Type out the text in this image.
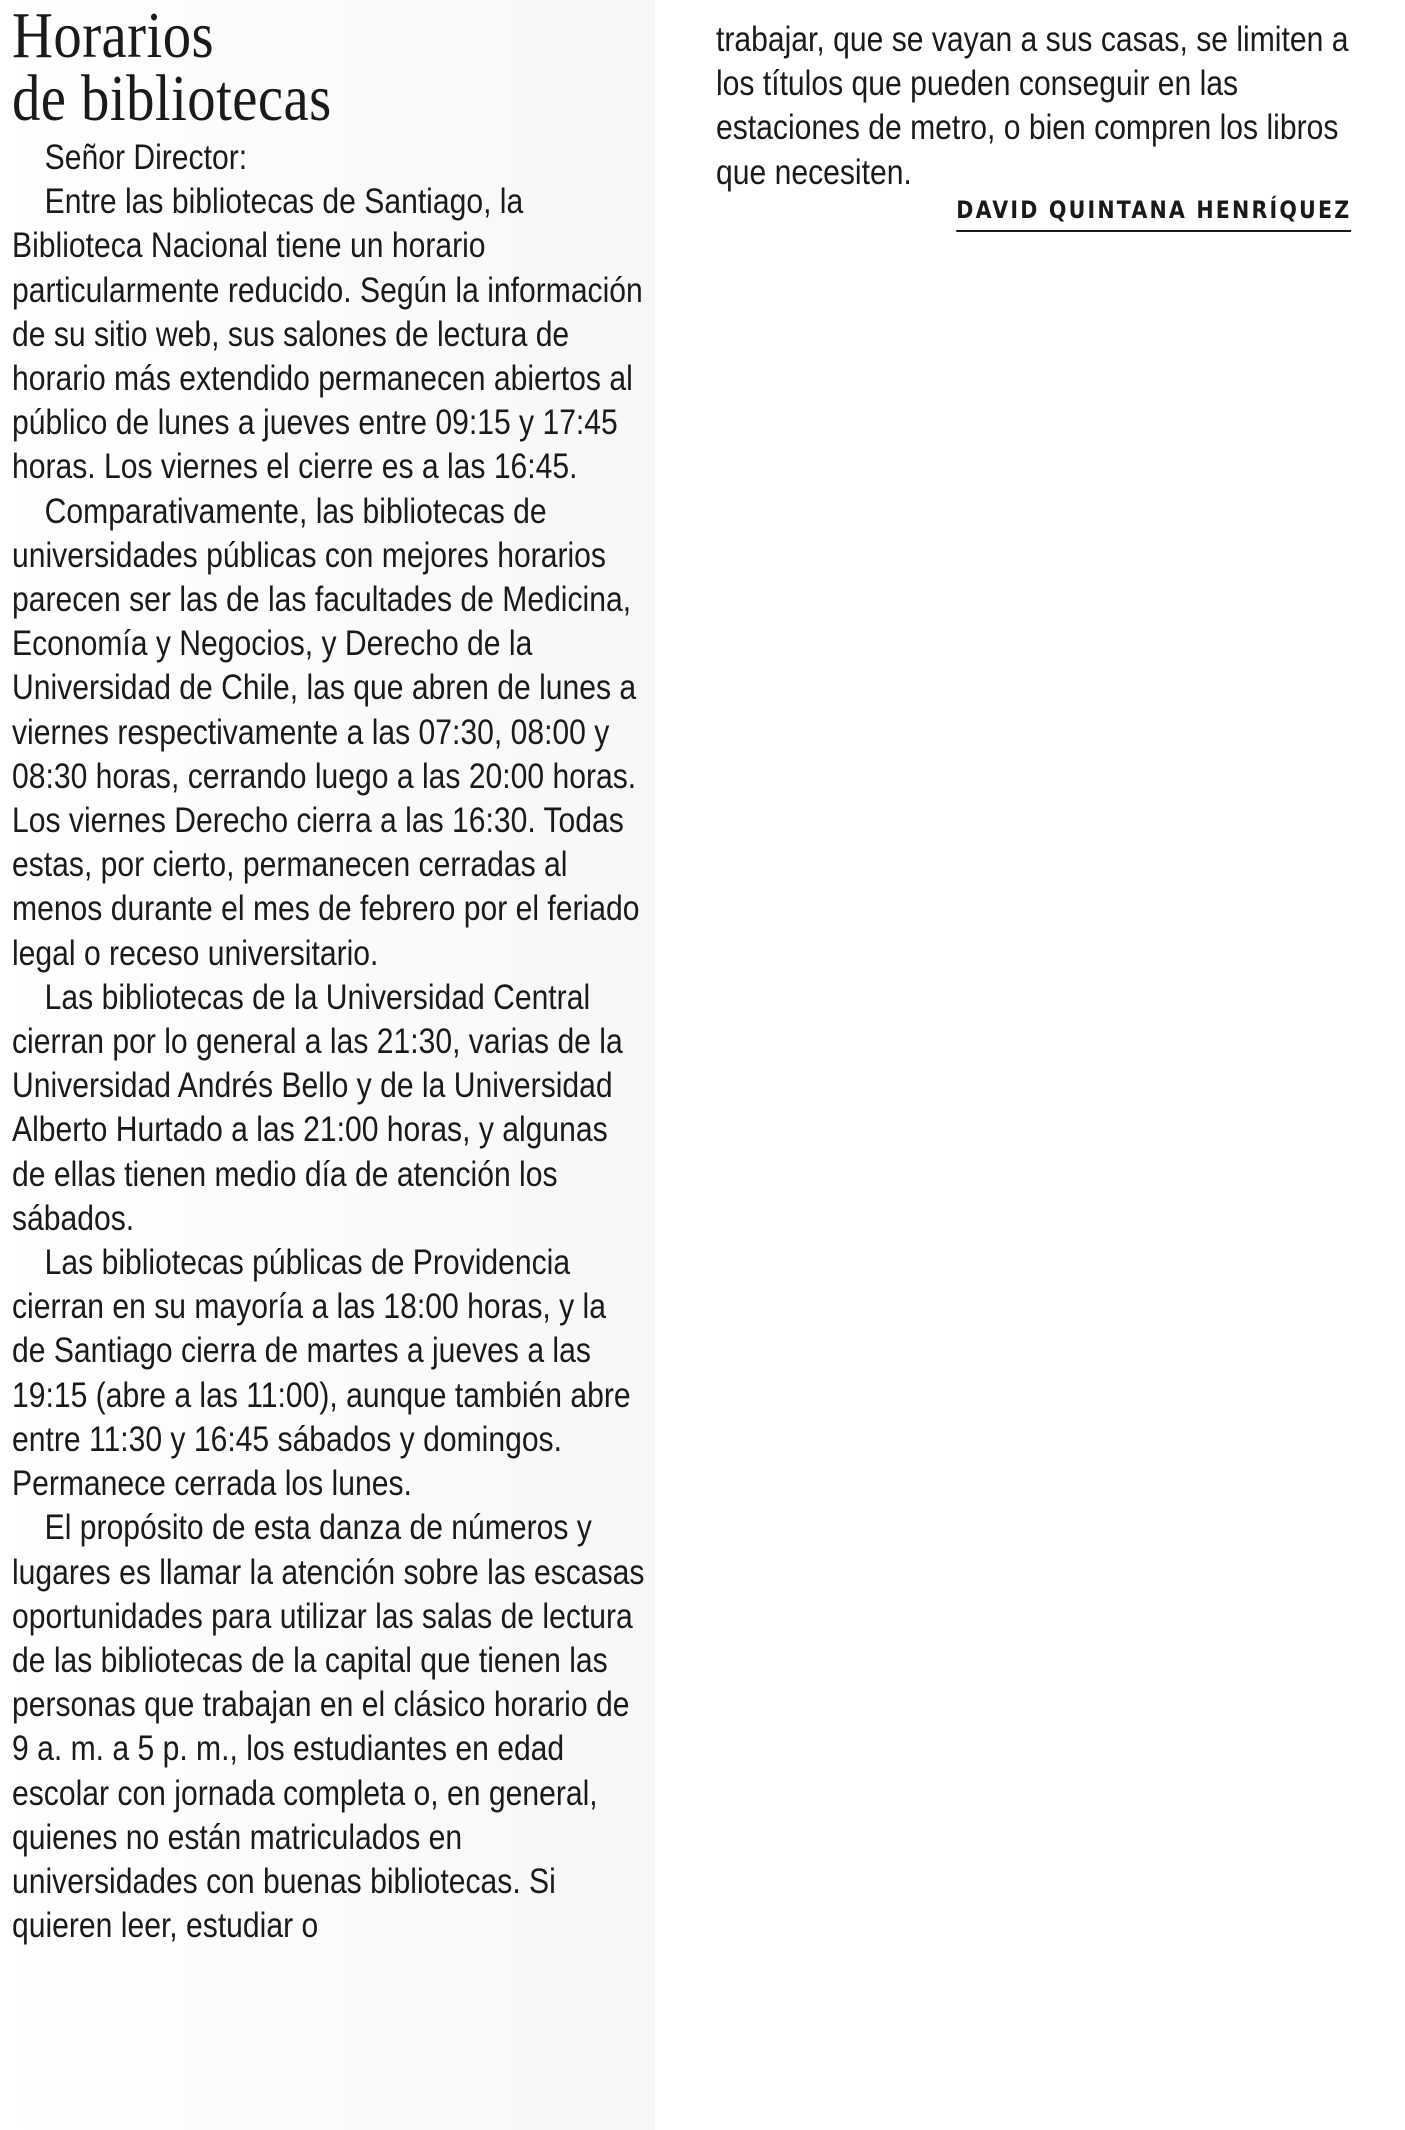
Horarios
de bibliotecas

Señor Director:

Entre las bibliotecas de Santiago, la Biblioteca Nacional tiene un horario particularmente reducido. Según la información de su sitio web, sus salones de lectura de horario más extendido permanecen abiertos al público de lunes a jueves entre 09:15 y 17:45 horas. Los viernes el cierre es a las 16:45.

Comparativamente, las bibliotecas de universidades públicas con mejores horarios parecen ser las de las facultades de Medicina, Economía y Negocios, y Derecho de la Universidad de Chile, las que abren de lunes a viernes respectivamente a las 07:30, 08:00 y 08:30 horas, cerrando luego a las 20:00 horas. Los viernes Derecho cierra a las 16:30. Todas estas, por cierto, permanecen cerradas al menos durante el mes de febrero por el feriado legal o receso universitario.

Las bibliotecas de la Universidad Central cierran por lo general a las 21:30, varias de la Universidad Andrés Bello y de la Universidad Alberto Hurtado a las 21:00 horas, y algunas de ellas tienen medio día de atención los sábados.

Las bibliotecas públicas de Providencia cierran en su mayoría a las 18:00 horas, y la de Santiago cierra de martes a jueves a las 19:15 (abre a las 11:00), aunque también abre entre 11:30 y 16:45 sábados y domingos. Permanece cerrada los lunes.

El propósito de esta danza de números y lugares es llamar la atención sobre las escasas oportunidades para utilizar las salas de lectura de las bibliotecas de la capital que tienen las personas que trabajan en el clásico horario de 9 a. m. a 5 p. m., los estudiantes en edad escolar con jornada completa o, en general, quienes no están matriculados en universidades con buenas bibliotecas. Si quieren leer, estudiar o

trabajar, que se vayan a sus casas, se limiten a los títulos que pueden conseguir en las estaciones de metro, o bien compren los libros que necesiten.

DAVID QUINTANA HENRÍQUEZ
